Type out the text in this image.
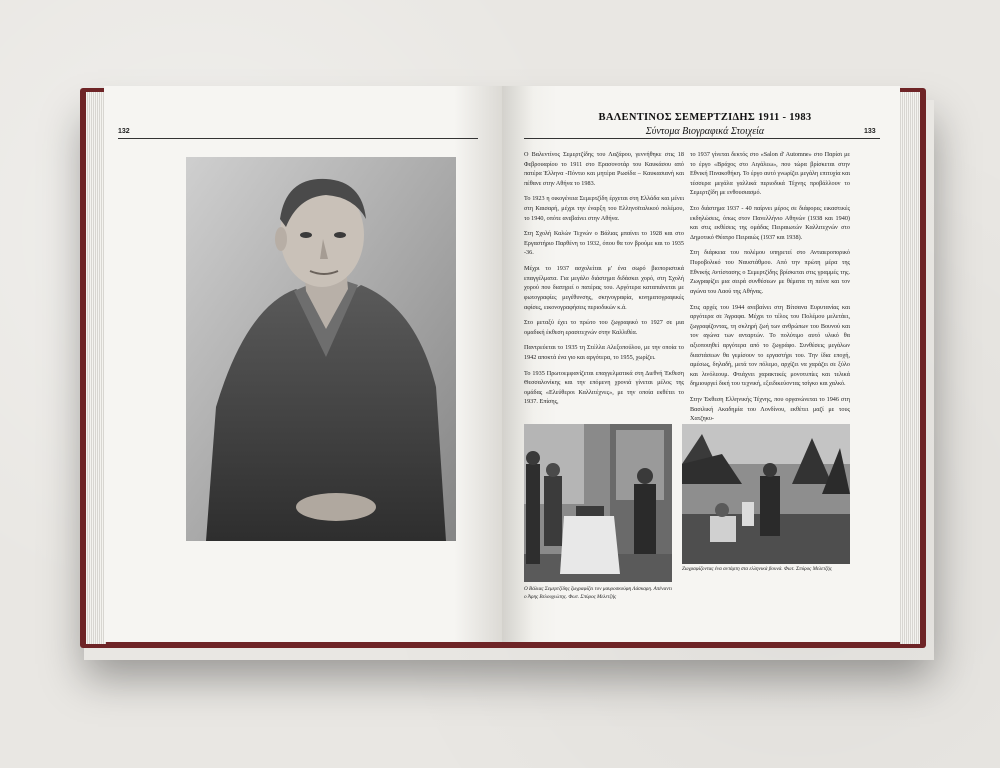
132
ΒΑΛΕΝΤΙΝΟΣ ΣΕΜΕΡΤΖΙΔΗΣ 1911 - 1983
Σύντομα Βιογραφικά Στοιχεία	133

Ο Βαλεντίνος Σεμερτζίδης του Λαζάρου, γεννήθηκε στις 18 Φεβρουαρίου το 1911 στο Ερασονοτάρ του Καυκάσου από πατέρα Έλληνα -Πόντιο και μητέρα Ρωσίδα – Καυκασιανή και πέθανε στην Αθήνα το 1983.

Το 1923 η οικογένεια Σεμερτζίδη έρχεται στη Ελλάδα και μένει στη Καισαρή, μέχρι την έναρξη του Ελληνοϊταλικού πολέμου, το 1940, οπότε ανεβαίνει στην Αθήνα.

Στη Σχολή Καλών Τεχνών ο Βάλιας μπαίνει το 1928 και στο Εργαστήριο Παρθένη το 1932, όπου θα τον βρούμε και το 1935 -36.

Μέχρι το 1937 ασχολείται μ' ένα σωρό βιοποριστικά επαγγέλματα. Για μεγάλο διάστημα διδάσκει χορό, στη Σχολή χορού που διατηρεί ο πατέρας του. Αργότερα καταπιάνεται με φωτογραφίες μεγέθυνσης, σκηνογραφία, κινηματογραφικές αφίσες, εικονογραφήσεις περιοδικών κ.ά.

Στο μεταξύ έχει το πρώτο του ζωγραφικό το 1927 σε μια ομαδική έκθεση ερασιτεχνών στην Καλλιθέα.

Παντρεύεται το 1935 τη Στέλλα Αλεξοπούλου, με την οποία το 1942 αποκτά ένα γιο και αργότερα, το 1955, χωρίζει.

Το 1935 Πρωτοεμφανίζεται επαγγελματικά στη Διεθνή Έκθεση Θεσσαλονίκης και την επόμενη χρονιά γίνεται μέλος της ομάδας «Ελεύθεροι Καλλιτέχνες», με την οποία εκθέτει το 1937. Επίσης,

το 1937 γίνεται δεκτός στο «Salon d' Automne» στο Παρίσι με το έργο «Βράχος στο Αιγάλεω», που τώρα βρίσκεται στην Εθνική Πινακοθήκη. Το έργο αυτό γνωρίζει μεγάλη επιτυχία και τέσσερα μεγάλα γαλλικά περιοδικά Τέχνης προβάλλουν το Σεμερτζίδη με ενθουσιασμό.

Στο διάστημα 1937 - 40 παίρνει μέρος σε διάφορες εικαστικές εκδηλώσεις, όπως στον Πανελλήνιο Αθηνών (1938 και 1940) και στις εκθέσεις της ομάδας Πειραιωτών Καλλιτεχνών στο Δημοτικό Θέατρο Πειραιώς (1937 και 1938).

Στη διάρκεια του πολέμου υπηρετεί στο Αντιαεροπορικό Πυροβολικό του Ναυστάθμου. Από την πρώτη μέρα της Εθνικής Αντίστασης ο Σεμερτζίδης βρίσκεται στις γραμμές της. Ζωγραφίζει μια σειρά συνθέσεων με θέματα τη πείνα και τον αγώνα του Λαού της Αθήνας.

Στις αρχές του 1944 ανεβαίνει στη Βίτσανα Ευρυτανίας και αργότερα σε Άγραφα. Μέχρι το τέλος του Πολέμου μελετάει, ζωγραφίζοντας, τη σκληρή ζωή των ανθρώπων του Βουνού και τον αγώνα των ανταρτών. Το πολύτιμο αυτό υλικό θα αξιοποιηθεί αργότερα από το ζωγράφο. Συνθέσεις μεγάλων διαστάσεων θα γεμίσουν το εργαστήρι του. Την ίδια εποχή, αμέσως, δηλαδή, μετά τον πόλεμο, αρχίζει να χαράζει σε ξύλο και λινόλεουμ. Φτιάχνει χαρακτικές μονοτυπίες και τελικά δημιουργεί δική του τεχνική, εξειδικεύοντας τσίγκο και χαλκό.

Στην Έκθεση Ελληνικής Τέχνης, που οργανώνεται το 1946 στη Βασιλική Ακαδημία του Λονδίνου, εκθέτει μαζί με τους Χατζηκυ-

Ο Βάλιας Σεμερτζίδης ζωγραφίζει τον μαυροσκούφη Λάσκαρη. Απέναντι ο Άρης Βελουχιώτης. Φωτ. Σπύρος Μελετζής
Ζωγραφίζοντας ένα αντάρτη στα ελληνικά βουνά. Φωτ. Σπύρος Μελετζής
